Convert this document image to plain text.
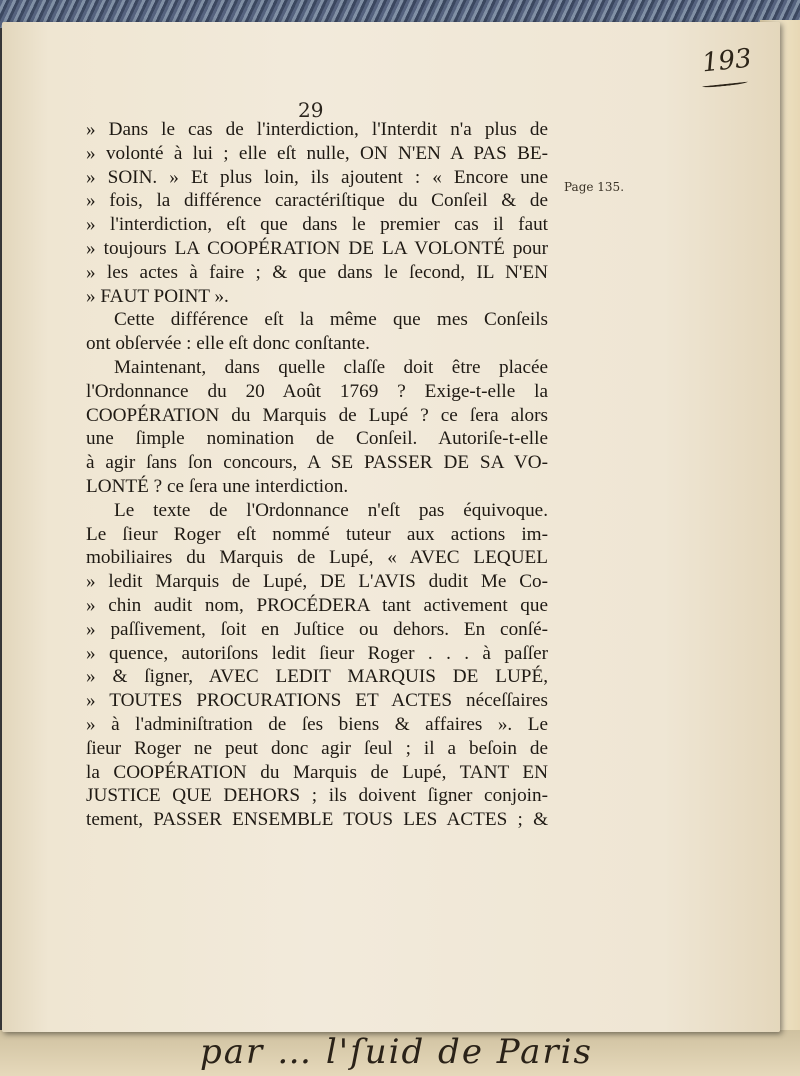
par … l'ſuid de Paris
193
29
Page 135.
» Dans le cas de l'interdiction, l'Interdit n'a plus de
» volonté à lui ; elle eſt nulle, ON N'EN A PAS BE-
» SOIN. » Et plus loin, ils ajoutent : « Encore une
» fois, la différence caractériſtique du Conſeil & de
» l'interdiction, eſt que dans le premier cas il faut
» toujours LA COOPÉRATION DE LA VOLONTÉ pour
» les actes à faire ; & que dans le ſecond, IL N'EN
» FAUT POINT ».
Cette différence eſt la même que mes Conſeils
ont obſervée : elle eſt donc conſtante.
Maintenant, dans quelle claſſe doit être placée
l'Ordonnance du 20 Août 1769 ? Exige-t-elle la
COOPÉRATION du Marquis de Lupé ? ce ſera alors
une ſimple nomination de Conſeil. Autoriſe-t-elle
à agir ſans ſon concours, A SE PASSER DE SA VO-
LONTÉ ? ce ſera une interdiction.
Le texte de l'Ordonnance n'eſt pas équivoque.
Le ſieur Roger eſt nommé tuteur aux actions im-
mobiliaires du Marquis de Lupé, « AVEC LEQUEL
» ledit Marquis de Lupé, DE L'AVIS dudit Me Co-
» chin audit nom, PROCÉDERA tant activement que
» paſſivement, ſoit en Juſtice ou dehors. En conſé-
» quence, autoriſons ledit ſieur Roger . . . à paſſer
» & ſigner, AVEC LEDIT MARQUIS DE LUPÉ,
» TOUTES PROCURATIONS ET ACTES néceſſaires
» à l'adminiſtration de ſes biens & affaires ». Le
ſieur Roger ne peut donc agir ſeul ; il a beſoin de
la COOPÉRATION du Marquis de Lupé, TANT EN
JUSTICE QUE DEHORS ; ils doivent ſigner conjoin-
tement, PASSER ENSEMBLE TOUS LES ACTES ; &
